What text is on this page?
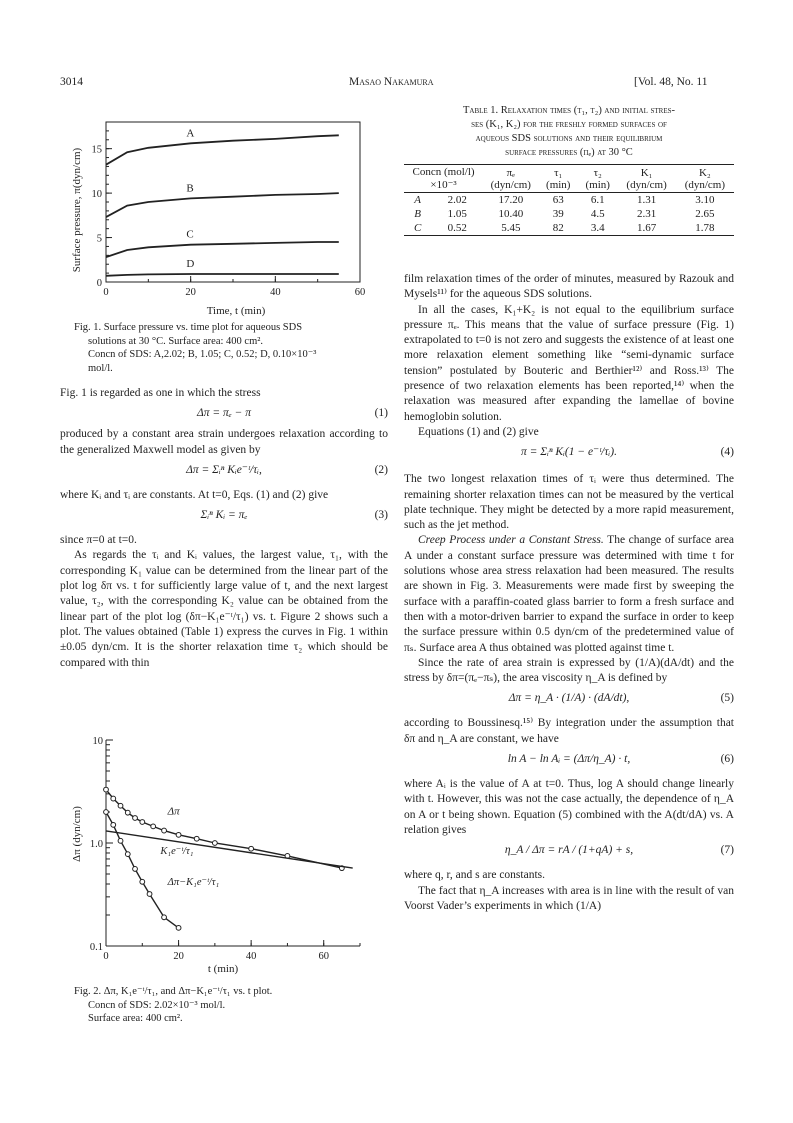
3014	Masao Nakamura	[Vol. 48, No. 11
0	20	40	60
0
5
10
15
A
B
C
D
Surface pressure, π(dyn/cm)
Time, t (min)
Fig. 1. Surface pressure vs. time plot for aqueous SDS
solutions at 30 °C. Surface area: 400 cm².
Concn of SDS: A,2.02; B, 1.05; C, 0.52; D, 0.10×10⁻³
mol/l.

Fig. 1 is regarded as one in which the stress

Δπ = πₑ − π	(1)

produced by a constant area strain undergoes relaxation according to the generalized Maxwell model as given by

Δπ = Σᵢⁿ Kᵢe⁻ᵗ/τᵢ,	(2)

where Kᵢ and τᵢ are constants. At t=0, Eqs. (1) and (2) give

Σᵢⁿ Kᵢ = πₑ	(3)

since π=0 at t=0.

As regards the τᵢ and Kᵢ values, the largest value, τ₁, with the corresponding K₁ value can be determined from the linear part of the plot log δπ vs. t for sufficiently large value of t, and the next largest value, τ₂, with the corresponding K₂ value can be obtained from the linear part of the plot log (δπ−K₁e⁻ᵗ/τ₁) vs. t. Figure 2 shows such a plot. The values obtained (Table 1) express the curves in Fig. 1 within ±0.05 dyn/cm. It is the shorter relaxation time τ₂ which should be compared with thin

0	20	40	60
0.1
1.0
10
Δπ
K₁e⁻ᵗ/τ₁
Δπ−K₁e⁻ᵗ/τ₁
Δπ (dyn/cm)
t (min)
Fig. 2. Δπ, K₁e⁻ᵗ/τ₁, and Δπ−K₁e⁻ᵗ/τ₁ vs. t plot.
Concn of SDS: 2.02×10⁻³ mol/l.
Surface area: 400 cm².
Table 1. Relaxation times (τ₁, τ₂) and initial stres-
ses (K₁, K₂) for the freshly formed surfaces of
aqueous SDS solutions and their equilibrium
surface pressures (πₑ) at 30 °C
Concn (mol/l) ×10⁻³		πₑ (dyn/cm)	τ₁ (min)	τ₂ (min)	K₁ (dyn/cm)	K₂ (dyn/cm)
A	2.02	17.20	63	6.1	1.31	3.10
B	1.05	10.40	39	4.5	2.31	2.65
C	0.52	5.45	82	3.4	1.67	1.78

film relaxation times of the order of minutes, measured by Razouk and Mysels¹¹⁾ for the aqueous SDS solutions.

In all the cases, K₁+K₂ is not equal to the equilibrium surface pressure πₑ. This means that the value of surface pressure (Fig. 1) extrapolated to t=0 is not zero and suggests the existence of at least one more relaxation element something like “semi-dynamic surface tension” postulated by Bouteric and Berthier¹²⁾ and Ross.¹³⁾ The presence of two relaxation elements has been reported,¹⁴⁾ when the relaxation was measured after expanding the lamellae of bovine hemoglobin solution.

Equations (1) and (2) give

π = Σᵢⁿ Kᵢ(1 − e⁻ᵗ/τᵢ).	(4)

The two longest relaxation times of τᵢ were thus determined. The remaining shorter relaxation times can not be measured by the vertical plate technique. They might be detected by a more rapid measurement, such as the jet method.

Creep Process under a Constant Stress. The change of surface area A under a constant surface pressure was determined with time t for solutions whose area stress relaxation had been measured. The results are shown in Fig. 3. Measurements were made first by sweeping the surface with a paraffin-coated glass barrier to form a fresh surface and then with a motor-driven barrier to expand the surface in order to keep the surface pressure within 0.5 dyn/cm of the predetermined value of πₛ. Surface area A thus obtained was plotted against time t.

Since the rate of area strain is expressed by (1/A)(dA/dt) and the stress by δπ=(πₑ−πₛ), the area viscosity η_A is defined by

Δπ = η_A · (1/A) · (dA/dt),	(5)

according to Boussinesq.¹⁵⁾ By integration under the assumption that δπ and η_A are constant, we have

ln A − ln Aᵢ = (Δπ/η_A) · t,	(6)

where Aᵢ is the value of A at t=0. Thus, log A should change linearly with t. However, this was not the case actually, the dependence of η_A on A or t being shown. Equation (5) combined with the A(dt/dA) vs. A relation gives

η_A / Δπ = rA / (1+qA) + s,	(7)

where q, r, and s are constants.

The fact that η_A increases with area is in line with the result of van Voorst Vader’s experiments in which (1/A)
